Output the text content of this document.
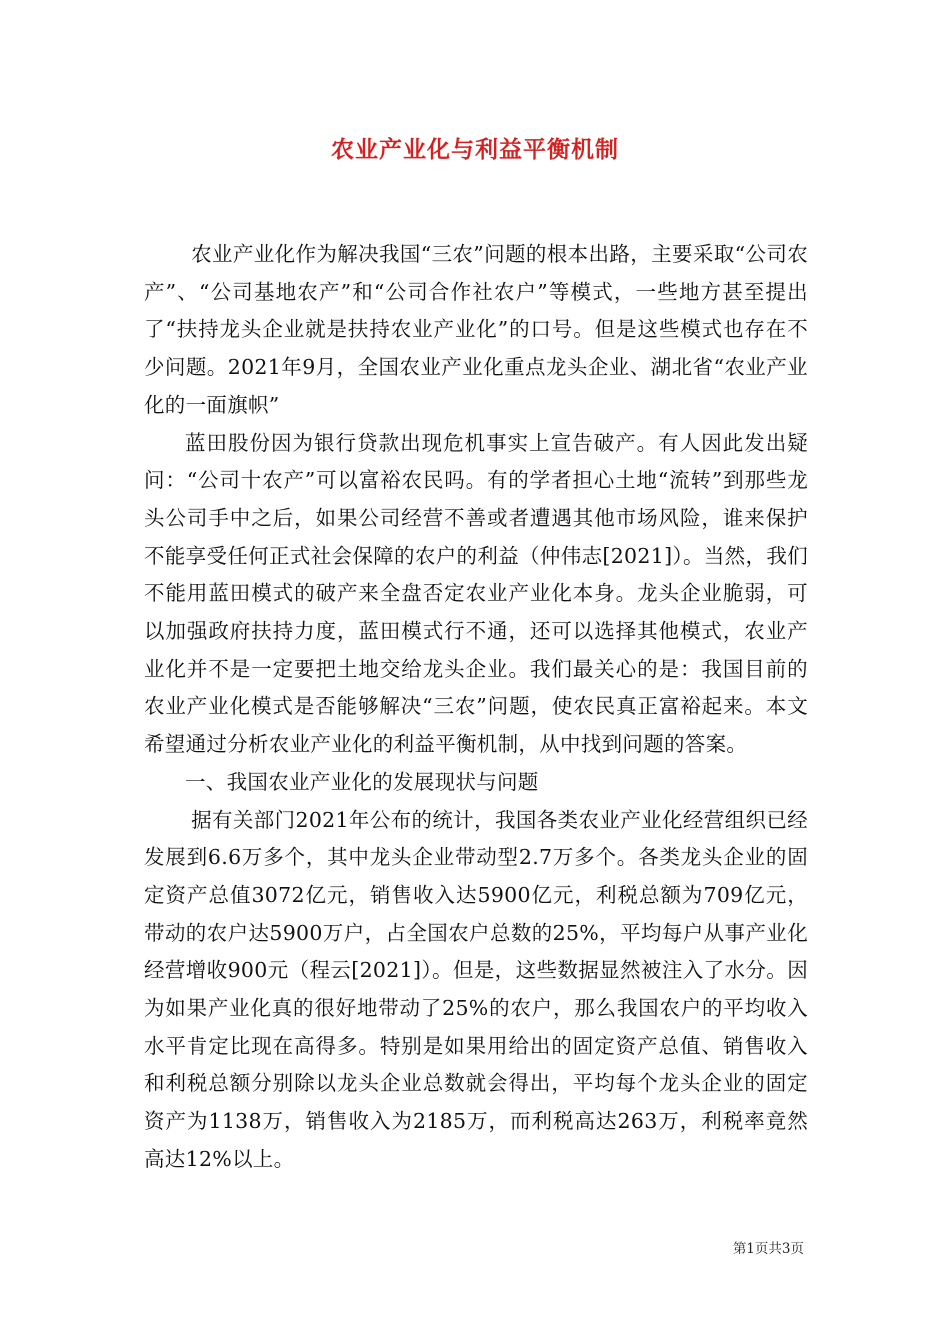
农业产业化与利益平衡机制

农业产业化作为解决我国“三农”问题的根本出路，主要采取“公司农产”、“公司基地农产”和“公司合作社农户”等模式，一些地方甚至提出了“扶持龙头企业就是扶持农业产业化”的口号。但是这些模式也存在不少问题。2021年9月，全国农业产业化重点龙头企业、湖北省“农业产业化的一面旗帜”

蓝田股份因为银行贷款出现危机事实上宣告破产。有人因此发出疑问：“公司十农产”可以富裕农民吗。有的学者担心土地“流转”到那些龙头公司手中之后，如果公司经营不善或者遭遇其他市场风险，谁来保护不能享受任何正式社会保障的农户的利益（仲伟志[2021]）。当然，我们不能用蓝田模式的破产来全盘否定农业产业化本身。龙头企业脆弱，可以加强政府扶持力度，蓝田模式行不通，还可以选择其他模式，农业产业化并不是一定要把土地交给龙头企业。我们最关心的是：我国目前的农业产业化模式是否能够解决“三农”问题，使农民真正富裕起来。本文希望通过分析农业产业化的利益平衡机制，从中找到问题的答案。

一、我国农业产业化的发展现状与问题

据有关部门2021年公布的统计，我国各类农业产业化经营组织已经发展到6.6万多个，其中龙头企业带动型2.7万多个。各类龙头企业的固定资产总值3072亿元，销售收入达5900亿元，利税总额为709亿元，带动的农户达5900万户，占全国农户总数的25%，平均每户从事产业化经营增收900元（程云[2021]）。但是，这些数据显然被注入了水分。因为如果产业化真的很好地带动了25%的农户，那么我国农户的平均收入水平肯定比现在高得多。特别是如果用给出的固定资产总值、销售收入和利税总额分别除以龙头企业总数就会得出，平均每个龙头企业的固定资产为1138万，销售收入为2185万，而利税高达263万，利税率竟然高达12%以上。

第1页共3页
